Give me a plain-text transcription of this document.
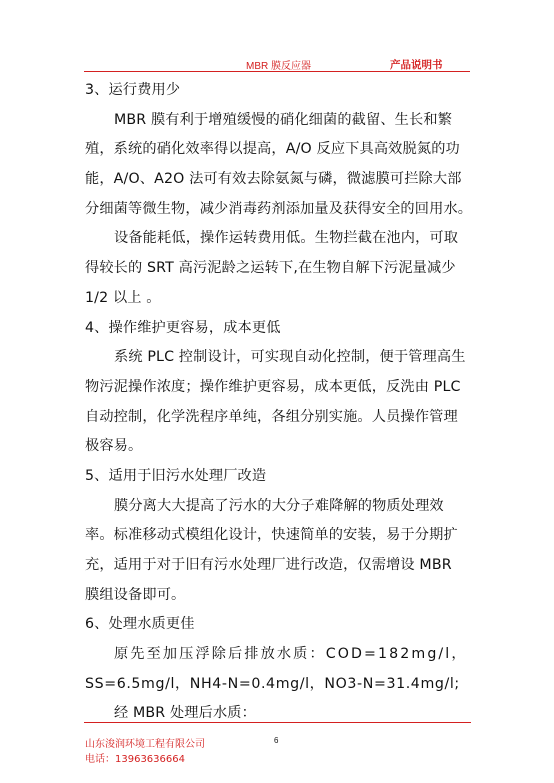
MBR 膜反应器	产品说明书
3、运行费用少
MBR 膜有利于增殖缓慢的硝化细菌的截留、生长和繁
殖，系统的硝化效率得以提高，A/O 反应下具高效脱氮的功
能，A/O、A2O 法可有效去除氨氮与磷，微滤膜可拦除大部
分细菌等微生物，减少消毒药剂添加量及获得安全的回用水。
设备能耗低，操作运转费用低。生物拦截在池内，可取
得较长的 SRT 高污泥龄之运转下,在生物自解下污泥量减少
1/2 以上 。
4、操作维护更容易，成本更低
系统 PLC 控制设计，可实现自动化控制，便于管理高生
物污泥操作浓度；操作维护更容易，成本更低，反洗由 PLC
自动控制，化学洗程序单纯，各组分别实施。人员操作管理
极容易。
5、适用于旧污水处理厂改造
膜分离大大提高了污水的大分子难降解的物质处理效
率。标准移动式模组化设计，快速简单的安装，易于分期扩
充，适用于对于旧有污水处理厂进行改造，仅需增设 MBR
膜组设备即可。
6、处理水质更佳
原先至加压浮除后排放水质：COD=182mg/l，
SS=6.5mg/l，NH4-N=0.4mg/l，NO3-N=31.4mg/l;
经 MBR 处理后水质：
山东浚润环境工程有限公司
电话：13963636664
6
